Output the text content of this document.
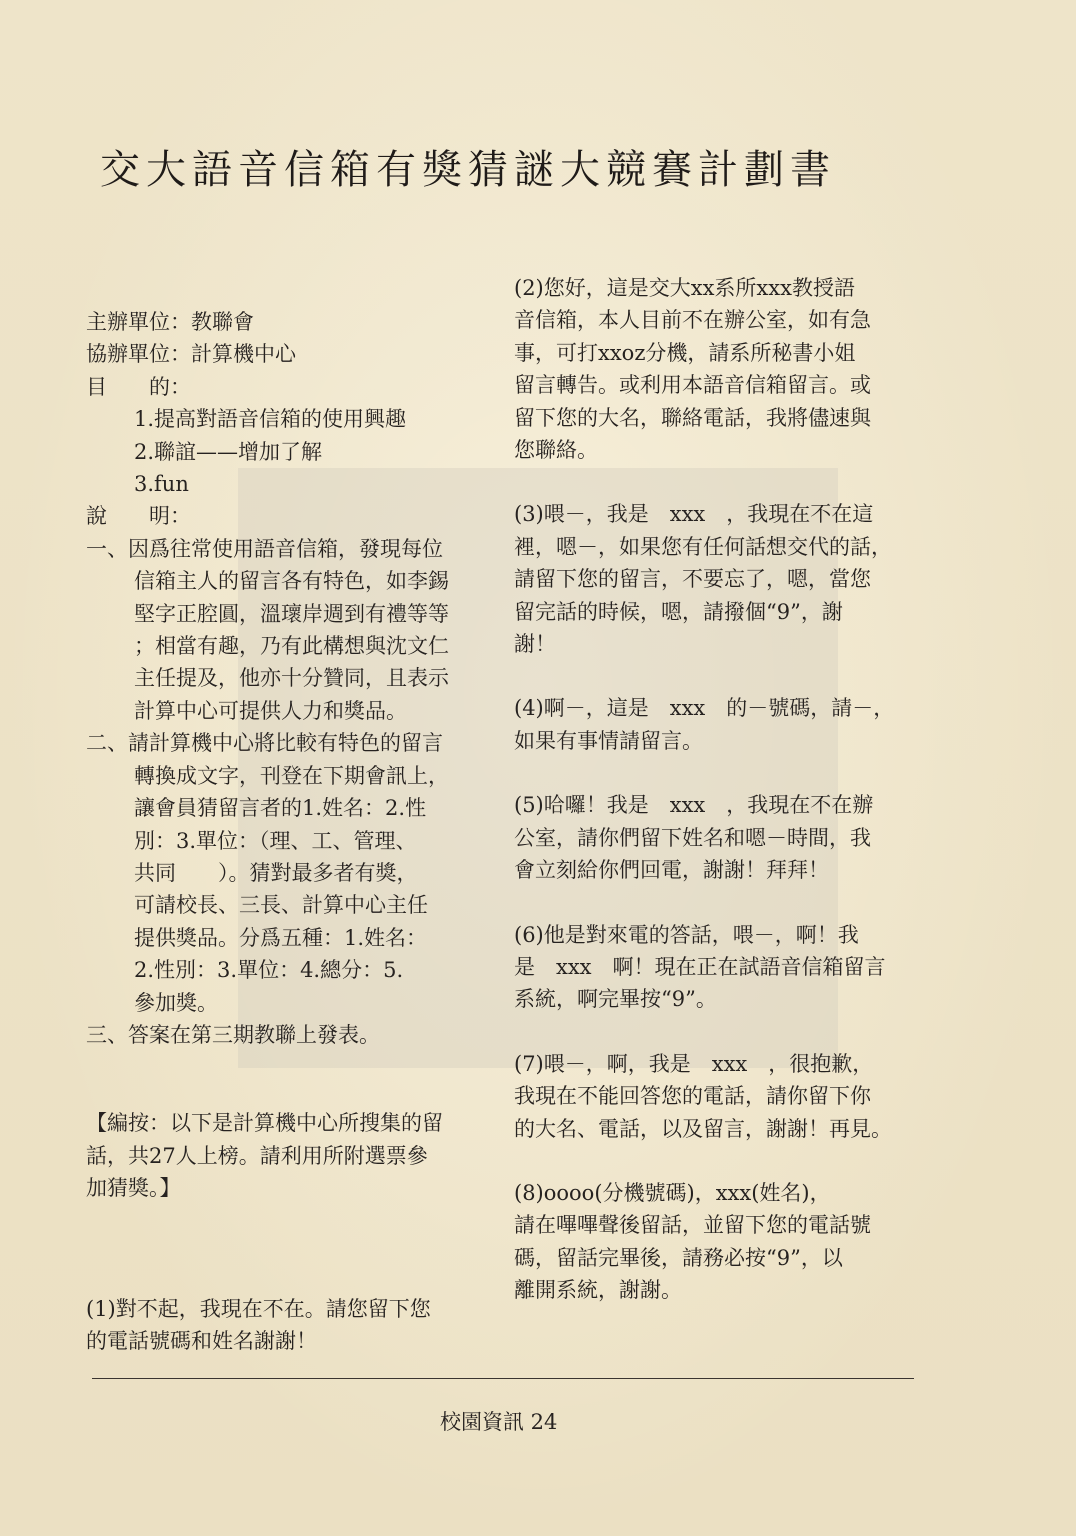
交大語音信箱有獎猜謎大競賽計劃書
主辦單位：教聯會
協辦單位：計算機中心
目　　的：
1.提高對語音信箱的使用興趣
2.聯誼——增加了解
3.fun
說　　明：
一、因爲往常使用語音信箱，發現每位
信箱主人的留言各有特色，如李錫
堅字正腔圓，溫瓌岸週到有禮等等
；相當有趣，乃有此構想與沈文仁
主任提及，他亦十分贊同，且表示
計算中心可提供人力和獎品。
二、請計算機中心將比較有特色的留言
轉換成文字，刊登在下期會訊上，
讓會員猜留言者的1.姓名：2.性
別：3.單位：（理、工、管理、
共同　　）。猜對最多者有獎，
可請校長、三長、計算中心主任
提供獎品。分爲五種：1.姓名：
2.性別：3.單位：4.總分：5.
參加獎。
三、答案在第三期教聯上發表。
【編按：以下是計算機中心所搜集的留
話，共27人上榜。請利用所附選票參
加猜獎。】
(1)對不起，我現在不在。請您留下您
的電話號碼和姓名謝謝！
(2)您好，這是交大xx系所xxx教授語
音信箱，本人目前不在辦公室，如有急
事，可打xxoz分機，請系所秘書小姐
留言轉告。或利用本語音信箱留言。或
留下您的大名，聯絡電話，我將儘速與
您聯絡。
(3)喂－，我是　xxx　，我現在不在這
裡，嗯－，如果您有任何話想交代的話，
請留下您的留言，不要忘了，嗯，當您
留完話的時候，嗯，請撥個“9”，謝
謝！
(4)啊－，這是　xxx　的－號碼，請－，
如果有事情請留言。
(5)哈囉！我是　xxx　，我現在不在辦
公室，請你們留下姓名和嗯－時間，我
會立刻給你們回電，謝謝！拜拜！
(6)他是對來電的答話，喂－，啊！我
是　xxx　啊！現在正在試語音信箱留言
系統，啊完畢按“9”。
(7)喂－，啊，我是　xxx　，很抱歉，
我現在不能回答您的電話，請你留下你
的大名、電話，以及留言，謝謝！再見。
(8)oooo(分機號碼)，xxx(姓名)，
請在嗶嗶聲後留話，並留下您的電話號
碼，留話完畢後，請務必按“9”，以
離開系統，謝謝。
校園資訊 24
